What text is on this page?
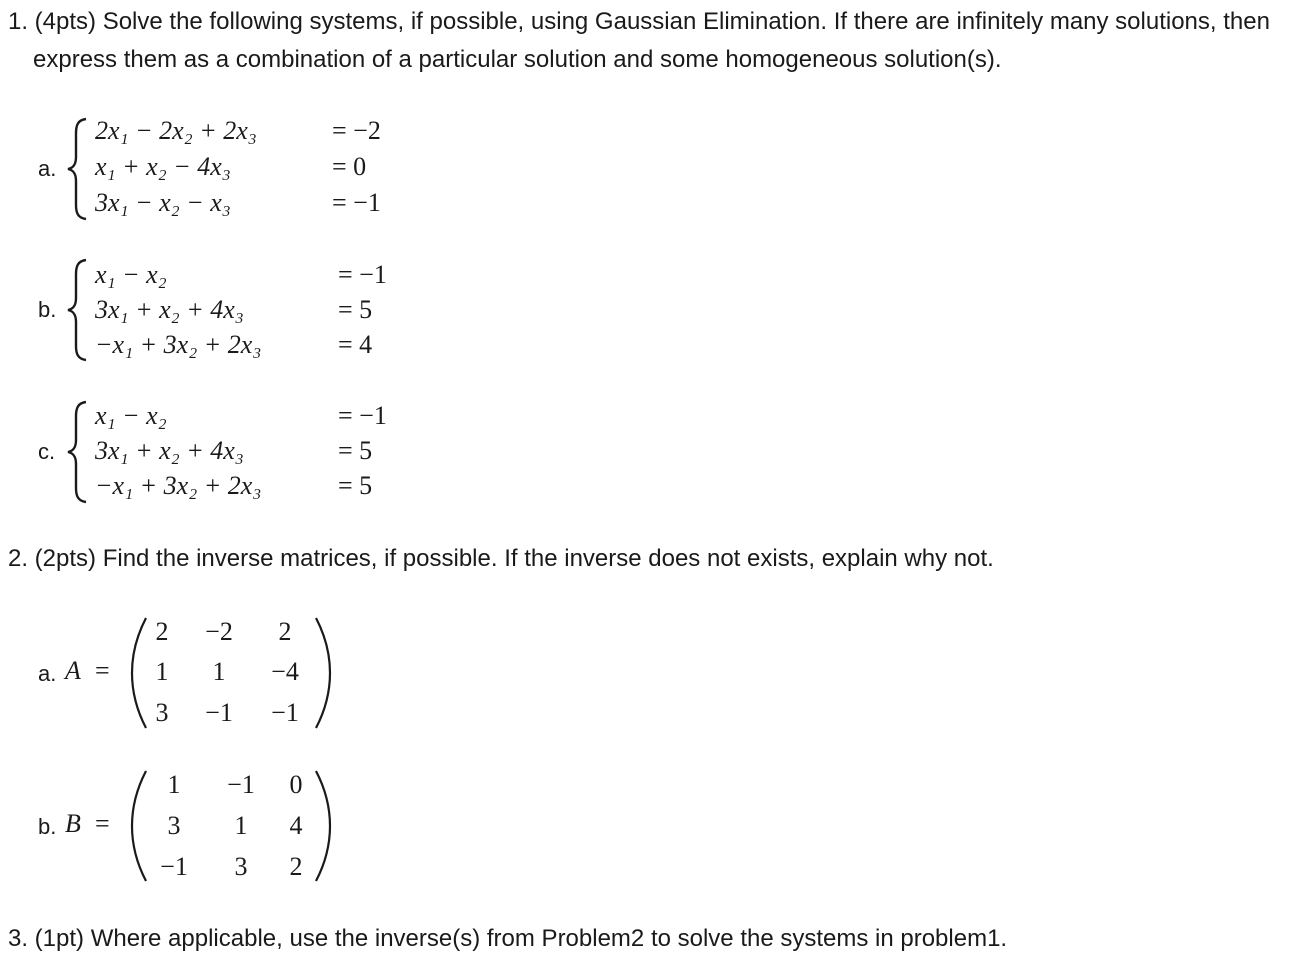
1. (4pts) Solve the following systems, if possible, using Gaussian Elimination. If there are infinitely many solutions, then
express them as a combination of a particular solution and some homogeneous solution(s).
a.
2x₁ − 2x₂ + 2x₃	= −2
x₁ + x₂ − 4x₃	= 0
3x₁ − x₂ − x₃	= −1
b.
x₁ − x₂	= −1
3x₁ + x₂ + 4x₃	= 5
−x₁ + 3x₂ + 2x₃	= 4
c.
x₁ − x₂	= −1
3x₁ + x₂ + 4x₃	= 5
−x₁ + 3x₂ + 2x₃	= 5
2. (2pts) Find the inverse matrices, if possible. If the inverse does not exists, explain why not.
a. A =
2	−2	2
1	1	−4
3	−1	−1
b. B =
1	−1	0
3	1	4
−1	3	2
3. (1pt) Where applicable, use the inverse(s) from Problem2 to solve the systems in problem1.
